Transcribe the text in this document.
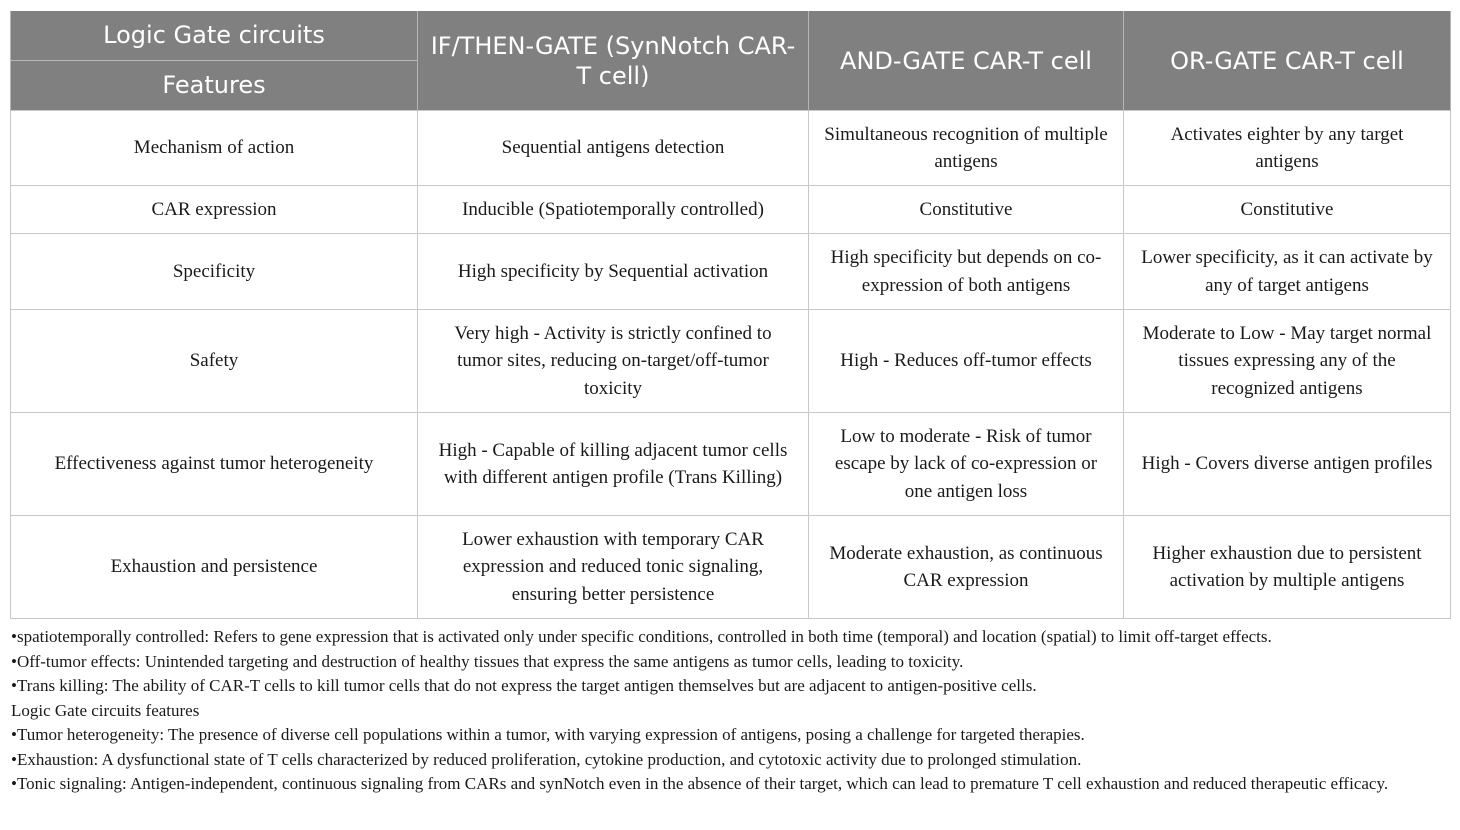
Logic Gate circuits
Features	IF/THEN-GATE (SynNotch CAR-T cell)	AND-GATE CAR-T cell	OR-GATE CAR-T cell
Mechanism of action	Sequential antigens detection	Simultaneous recognition of multiple antigens	Activates eighter by any target antigens
CAR expression	Inducible (Spatiotemporally controlled)	Constitutive	Constitutive
Specificity	High specificity by Sequential activation	High specificity but depends on co-expression of both antigens	Lower specificity, as it can activate by any of target antigens
Safety	Very high - Activity is strictly confined to tumor sites, reducing on-target/off-tumor toxicity	High - Reduces off-tumor effects	Moderate to Low - May target normal tissues expressing any of the recognized antigens
Effectiveness against tumor heterogeneity	High - Capable of killing adjacent tumor cells with different antigen profile (Trans Killing)	Low to moderate - Risk of tumor escape by lack of co-expression or one antigen loss	High - Covers diverse antigen profiles
Exhaustion and persistence	Lower exhaustion with temporary CAR expression and reduced tonic signaling, ensuring better persistence	Moderate exhaustion, as continuous CAR expression	Higher exhaustion due to persistent activation by multiple antigens

•spatiotemporally controlled: Refers to gene expression that is activated only under specific conditions, controlled in both time (temporal) and location (spatial) to limit off-target effects.

•Off-tumor effects: Unintended targeting and destruction of healthy tissues that express the same antigens as tumor cells, leading to toxicity.

•Trans killing: The ability of CAR-T cells to kill tumor cells that do not express the target antigen themselves but are adjacent to antigen-positive cells.

Logic Gate circuits features

•Tumor heterogeneity: The presence of diverse cell populations within a tumor, with varying expression of antigens, posing a challenge for targeted therapies.

•Exhaustion: A dysfunctional state of T cells characterized by reduced proliferation, cytokine production, and cytotoxic activity due to prolonged stimulation.

•Tonic signaling: Antigen-independent, continuous signaling from CARs and synNotch even in the absence of their target, which can lead to premature T cell exhaustion and reduced therapeutic efficacy.
